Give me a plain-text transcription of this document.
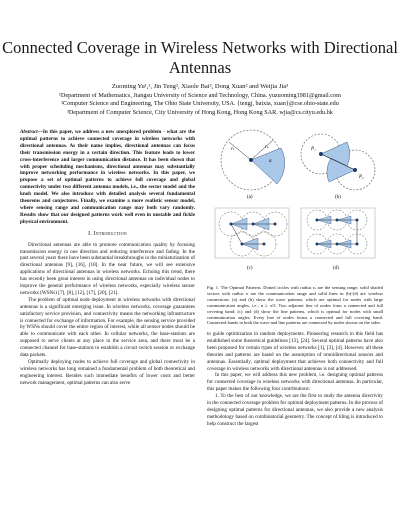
Connected Coverage in Wireless Networks with Directional Antennas
Zuoming Yu¹,², Jin Teng², Xiaole Bai², Dong Xuan² and Weijia Jia³
¹Department of Mathematics, Jiangsu University of Science and Technology, China. yuzuoming1981@gmail.com
²Computer Science and Engineering, The Ohio State University, USA. {tengj, baixia, xuan}@cse.ohio-state.edu
³Department of Computer Science, City University of Hong Kong, Hong Kong SAR. wjia@cs.cityu.edu.hk

Abstract—In this paper, we address a new unexplored problem - what are the optimal patterns to achieve connected coverage in wireless networks with directional antennas. As their name implies, directional antennas can focus their transmission energy in a certain direction. This feature leads to lower cross-interference and larger communication distance. It has been shown that with proper scheduling mechanisms, directional antennas may substantially improve networking performance in wireless networks. In this paper, we propose a set of optimal patterns to achieve full coverage and global connectivity under two different antenna models, i.e., the sector model and the knob model. We also introduce with detailed analysis several fundamental theorems and conjectures. Finally, we examine a more realistic sensor model, where sensing range and communication range may both vary randomly. Results show that our designed patterns work well even in unstable and fickle physical environment.

I. Introduction

Directional antennas are able to promote communication quality by focusing transmission energy in one direction and reducing interference and fading. In the past several years there have been substantial breakthroughs in the miniaturization of directional antennas [9], [16], [18]. In the near future, we will see extensive applications of directional antennas in wireless networks. Echoing this trend, there has recently been great interest in using directional antennas on individual nodes to improve the general performance of wireless networks, especially wireless sensor networks (WSNs) [7], [8], [12], [17], [20], [21].

The problem of optimal node deployment in wireless networks with directional antennas is a significant emerging issue. In wireless networks, coverage guarantees satisfactory service provision, and connectivity means the networking infrastructure is connected for exchange of information. For example, the sensing service provided by WSNs should cover the entire region of interest, while all sensor nodes should be able to communicate with each other. In cellular networks, the base-stations are supposed to serve clients at any place in the service area, and there must be a connected channel for base-stations to establish a circuit switch session or exchange data packets.

Optimally deploying nodes to achieve full coverage and global connectivity in wireless networks has long remained a fundamental problem of both theoretical and engineering interest. Besides such immediate benefits of lower costs and better network management, optimal patterns can also serve

rₛ
rₜ
α
(a)
P₁
P₂
(b)
(c)	(d)
Fig. 1. The Optimal Patterns. Dotted circles with radius rₛ are the sensing range, solid shaded sectors with radius rₜ are the communication range and solid lines in (b)-(d) are wireless connections. (a) and (b) show the wave patterns, which are optimal for nodes with large communication angles, i.e., α ≥ π/3. Two adjacent line of nodes form a connected and full covering band; (c) and (d) show the line patterns, which is optimal for nodes with small communication angles. Every line of nodes forms a connected and full covering band. Connected bands in both the wave and line patterns are connected by nodes shown on the sides.

to guide optimization in random deployments. Pioneering research in this field has established some theoretical guidelines [13], [24]. Several optimal patterns have also been proposed for certain types of wireless networks [1], [3], [4]. However, all these theories and patterns are based on the assumption of omnidirectional sensors and antennas. Essentially, optimal deployment that achieves both connectivity and full coverage in wireless networks with directional antennas is not addressed.

In this paper, we will address this new problem, i.e. designing optimal patterns for connected coverage in wireless networks with directional antennas. In particular, this paper makes the following four contributions:

1. To the best of our knowledge, we are the first to study the antenna directivity in the connected coverage problem for optimal deployment patterns. In the process of designing optimal patterns for directional antennas, we also provide a new analysis methodology based on combinatorial geometry. The concept of tiling is introduced to help construct the largest
